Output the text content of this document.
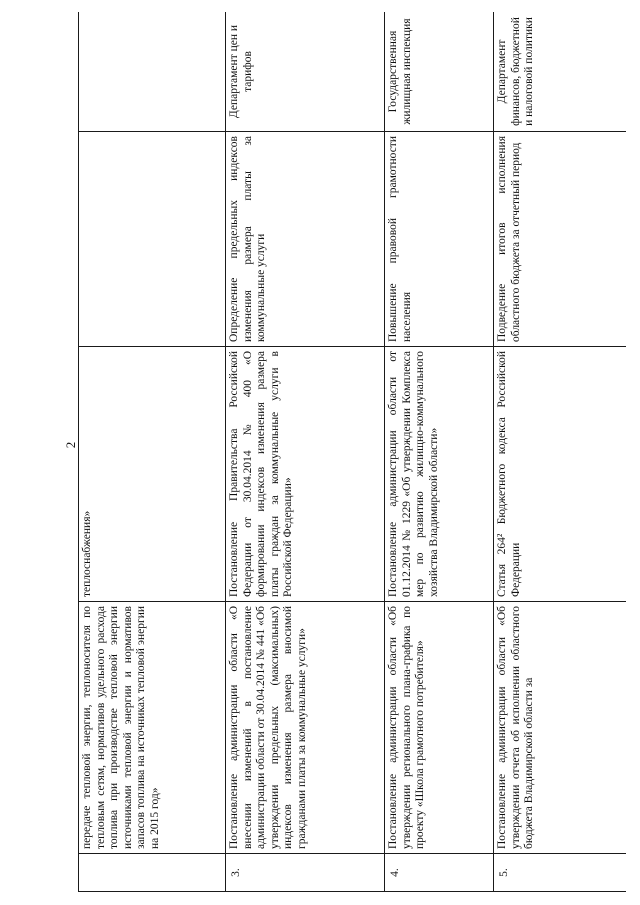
2
	передаче тепловой энергии, теплоносителя по тепловым сетям, нормативов удельного расхода топлива при производстве тепловой энергии источниками тепловой энергии и нормативов запасов топлива на источниках тепловой энергии на 2015 год»	теплоснабжения»		
3.	Постановление администрации области «О внесении изменений в постановление администрации области от 30.04.2014 № 441 «Об утверждении предельных (максимальных) индексов изменения размера вносимой гражданами платы за коммунальные услуги»	Постановление Правительства Российской Федерации от 30.04.2014 № 400 «О формировании индексов изменения размера платы граждан за коммунальные услуги в Российской Федерации»	Определение предельных индексов изменения размера платы за коммунальные услуги	Департамент цен и тарифов
4.	Постановление администрации области «Об утверждении регионального плана-графика по проекту «Школа грамотного потребителя»	Постановление администрации области от 01.12.2014 № 1229 «Об утверждении Комплекса мер по развитию жилищно-коммунального хозяйства Владимирской области»	Повышение правовой грамотности населения	Государственная жилищная инспекция
5.	Постановление администрации области «Об утверждении отчета об исполнении областного бюджета Владимирской области за	Статья 264² Бюджетного кодекса Российской Федерации	Подведение итогов исполнения областного бюджета за отчетный период	Департамент финансов, бюджетной и налоговой политики
